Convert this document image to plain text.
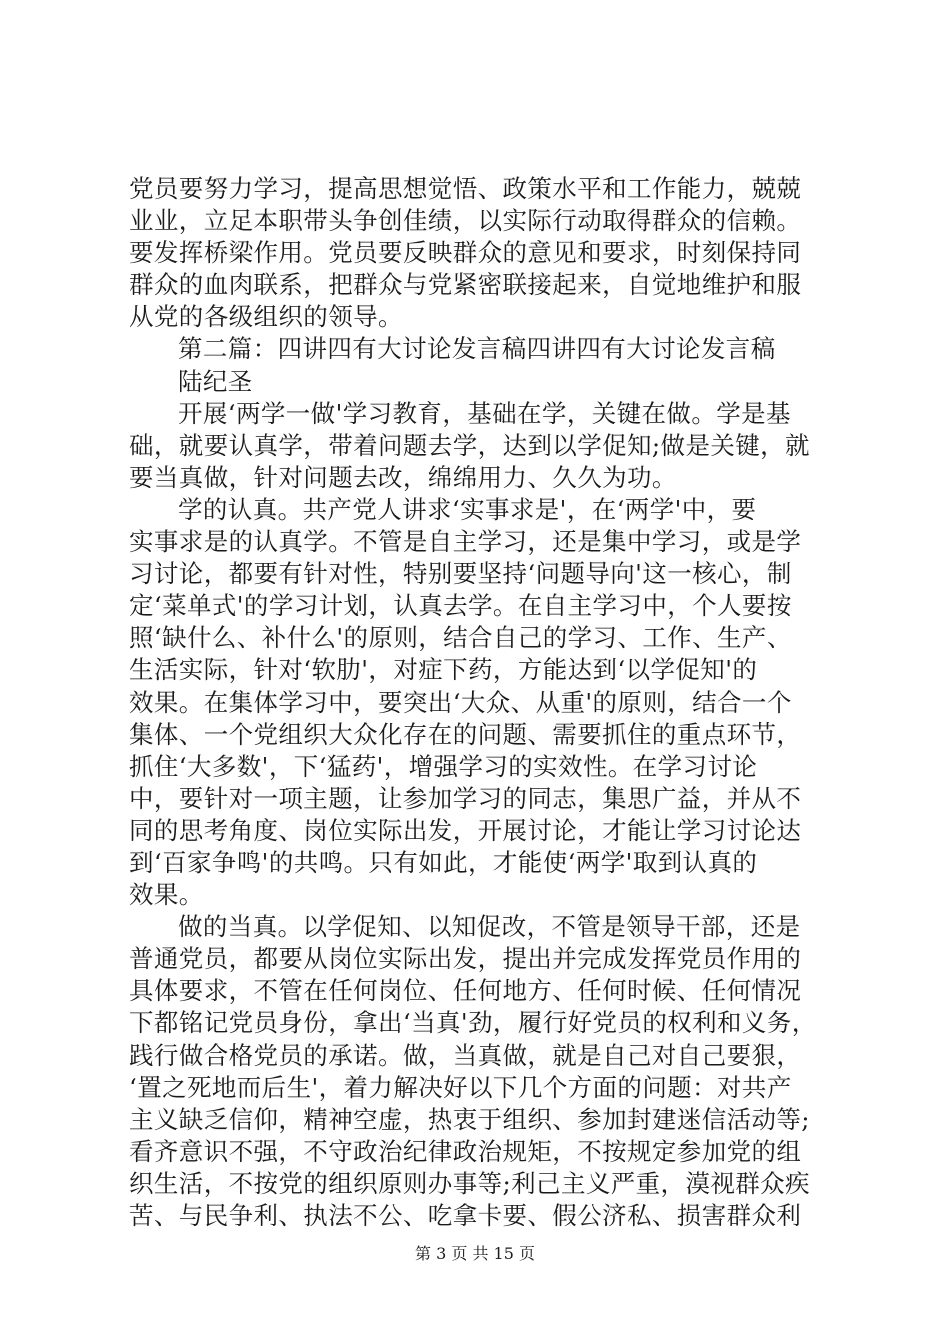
党员要努力学习，提高思想觉悟、政策水平和工作能力，兢兢
业业，立足本职带头争创佳绩，以实际行动取得群众的信赖。
要发挥桥梁作用。党员要反映群众的意见和要求，时刻保持同
群众的血肉联系，把群众与党紧密联接起来，自觉地维护和服
从党的各级组织的领导。
第二篇：四讲四有大讨论发言稿四讲四有大讨论发言稿
陆纪圣
开展‘两学一做'学习教育，基础在学，关键在做。学是基
础，就要认真学，带着问题去学，达到以学促知;做是关键，就
要当真做，针对问题去改，绵绵用力、久久为功。
学的认真。共产党人讲求‘实事求是'，在‘两学'中，要
实事求是的认真学。不管是自主学习，还是集中学习，或是学
习讨论，都要有针对性，特别要坚持‘问题导向'这一核心，制
定‘菜单式'的学习计划，认真去学。在自主学习中，个人要按
照‘缺什么、补什么'的原则，结合自己的学习、工作、生产、
生活实际，针对‘软肋'，对症下药，方能达到‘以学促知'的
效果。在集体学习中，要突出‘大众、从重'的原则，结合一个
集体、一个党组织大众化存在的问题、需要抓住的重点环节，
抓住‘大多数'，下‘猛药'，增强学习的实效性。在学习讨论
中，要针对一项主题，让参加学习的同志，集思广益，并从不
同的思考角度、岗位实际出发，开展讨论，才能让学习讨论达
到‘百家争鸣'的共鸣。只有如此，才能使‘两学'取到认真的
效果。
做的当真。以学促知、以知促改，不管是领导干部，还是
普通党员，都要从岗位实际出发，提出并完成发挥党员作用的
具体要求，不管在任何岗位、任何地方、任何时候、任何情况
下都铭记党员身份，拿出‘当真'劲，履行好党员的权利和义务，
践行做合格党员的承诺。做，当真做，就是自己对自己要狠，
‘置之死地而后生'，着力解决好以下几个方面的问题：对共产
主义缺乏信仰，精神空虚，热衷于组织、参加封建迷信活动等;
看齐意识不强，不守政治纪律政治规矩，不按规定参加党的组
织生活，不按党的组织原则办事等;利己主义严重，漠视群众疾
苦、与民争利、执法不公、吃拿卡要、假公济私、损害群众利
第 3 页 共 15 页
